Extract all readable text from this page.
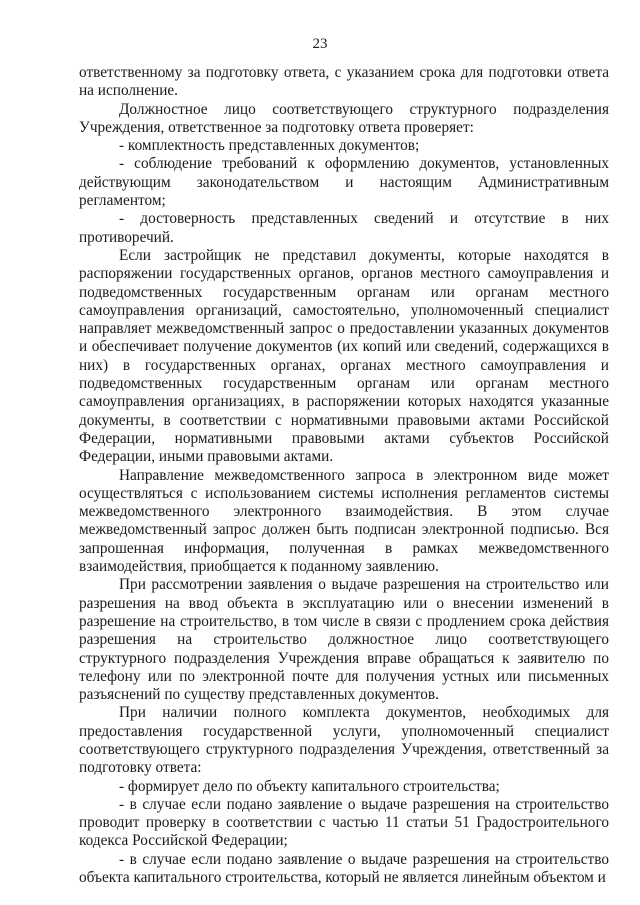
23

ответственному за подготовку ответа, с указанием срока для подготовки ответа на исполнение.

Должностное лицо соответствующего структурного подразделения Учреждения, ответственное за подготовку ответа проверяет:

- комплектность представленных документов;

- соблюдение требований к оформлению документов, установленных действующим законодательством и настоящим Административным регламентом;

- достоверность представленных сведений и отсутствие в них противоречий.

Если застройщик не представил документы, которые находятся в распоряжении государственных органов, органов местного самоуправления и подведомственных государственным органам или органам местного самоуправления организаций, самостоятельно, уполномоченный специалист направляет межведомственный запрос о предоставлении указанных документов и обеспечивает получение документов (их копий или сведений, содержащихся в них) в государственных органах, органах местного самоуправления и подведомственных государственным органам или органам местного самоуправления организациях, в распоряжении которых находятся указанные документы, в соответствии с нормативными правовыми актами Российской Федерации, нормативными правовыми актами субъектов Российской Федерации, иными правовыми актами.

Направление межведомственного запроса в электронном виде может осуществляться с использованием системы исполнения регламентов системы межведомственного электронного взаимодействия. В этом случае межведомственный запрос должен быть подписан электронной подписью. Вся запрошенная информация, полученная в рамках межведомственного взаимодействия, приобщается к поданному заявлению.

При рассмотрении заявления о выдаче разрешения на строительство или разрешения на ввод объекта в эксплуатацию или о внесении изменений в разрешение на строительство, в том числе в связи с продлением срока действия разрешения на строительство должностное лицо соответствующего структурного подразделения Учреждения вправе обращаться к заявителю по телефону или по электронной почте для получения устных или письменных разъяснений по существу представленных документов.

При наличии полного комплекта документов, необходимых для предоставления государственной услуги, уполномоченный специалист соответствующего структурного подразделения Учреждения, ответственный за подготовку ответа:

- формирует дело по объекту капитального строительства;

- в случае если подано заявление о выдаче разрешения на строительство проводит проверку в соответствии с частью 11 статьи 51 Градостроительного кодекса Российской Федерации;

- в случае если подано заявление о выдаче разрешения на строительство объекта капитального строительства, который не является линейным объектом и
